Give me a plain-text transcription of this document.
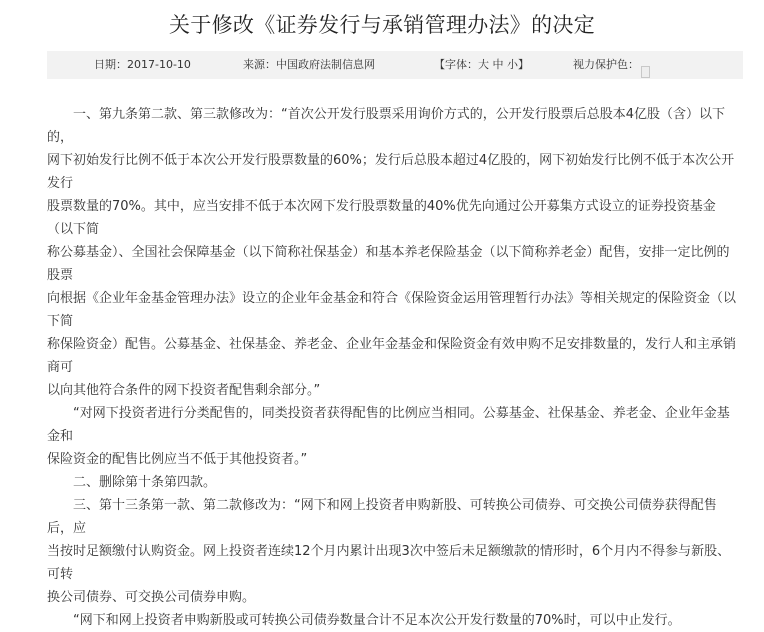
关于修改《证券发行与承销管理办法》的决定
日期：2017-10-10	来源：中国政府法制信息网	【字体：大 中 小】	视力保护色：

一、第九条第二款、第三款修改为：“首次公开发行股票采用询价方式的，公开发行股票后总股本4亿股（含）以下的，
网下初始发行比例不低于本次公开发行股票数量的60%；发行后总股本超过4亿股的，网下初始发行比例不低于本次公开发行
股票数量的70%。其中，应当安排不低于本次网下发行股票数量的40%优先向通过公开募集方式设立的证券投资基金（以下简
称公募基金）、全国社会保障基金（以下简称社保基金）和基本养老保险基金（以下简称养老金）配售，安排一定比例的股票
向根据《企业年金基金管理办法》设立的企业年金基金和符合《保险资金运用管理暂行办法》等相关规定的保险资金（以下简
称保险资金）配售。公募基金、社保基金、养老金、企业年金基金和保险资金有效申购不足安排数量的，发行人和主承销商可
以向其他符合条件的网下投资者配售剩余部分。”

“对网下投资者进行分类配售的，同类投资者获得配售的比例应当相同。公募基金、社保基金、养老金、企业年金基金和
保险资金的配售比例应当不低于其他投资者。”

二、删除第十条第四款。

三、第十三条第一款、第二款修改为：“网下和网上投资者申购新股、可转换公司债券、可交换公司债券获得配售后，应
当按时足额缴付认购资金。网上投资者连续12个月内累计出现3次中签后未足额缴款的情形时，6个月内不得参与新股、可转
换公司债券、可交换公司债券申购。

“网下和网上投资者申购新股或可转换公司债券数量合计不足本次公开发行数量的70%时，可以中止发行。
